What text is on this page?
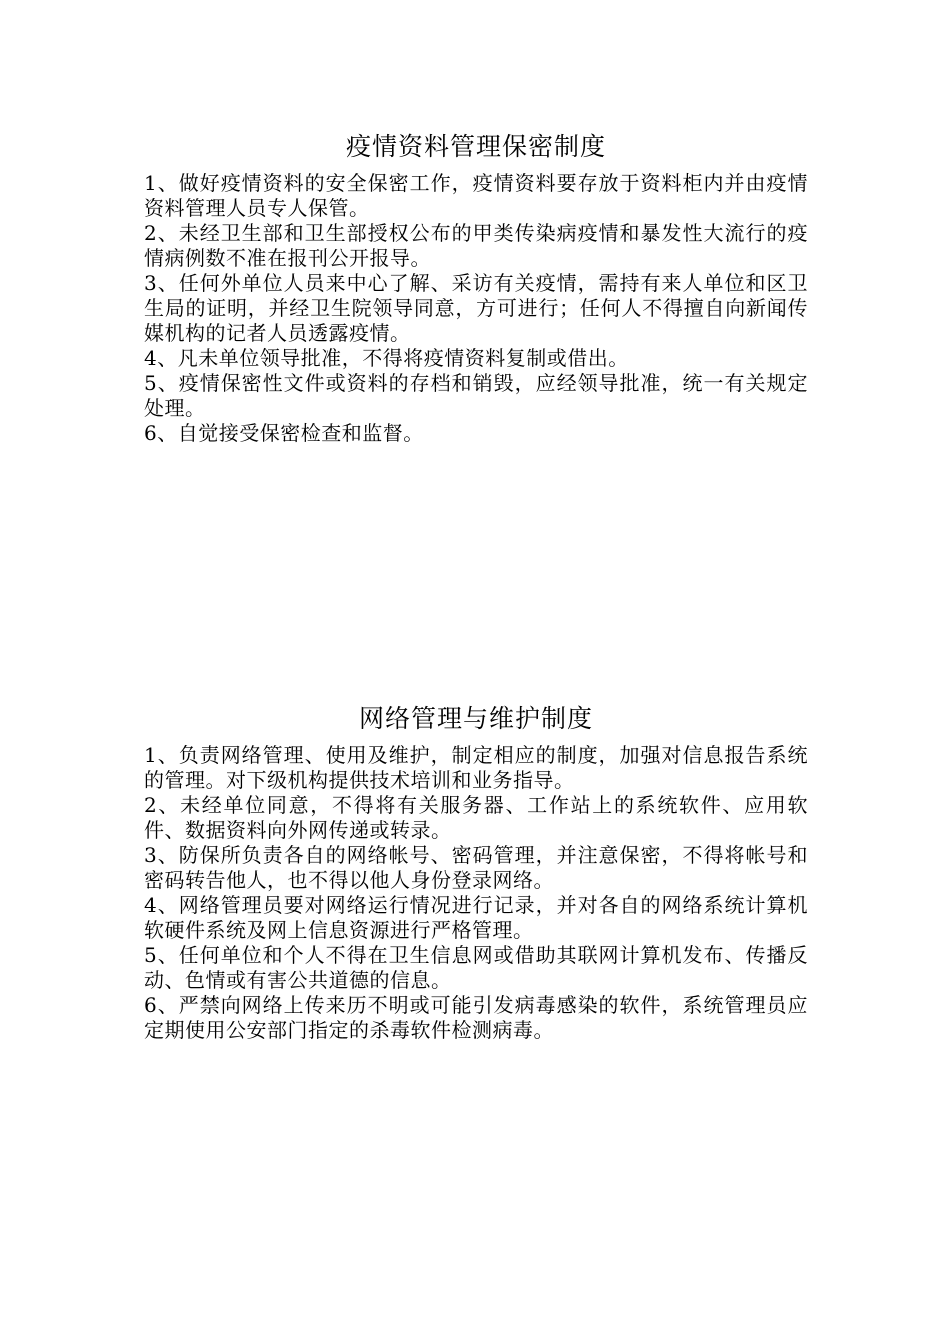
疫情资料管理保密制度

1、做好疫情资料的安全保密工作，疫情资料要存放于资料柜内并由疫情资料管理人员专人保管。

2、未经卫生部和卫生部授权公布的甲类传染病疫情和暴发性大流行的疫情病例数不准在报刊公开报导。

3、任何外单位人员来中心了解、采访有关疫情，需持有来人单位和区卫生局的证明，并经卫生院领导同意，方可进行；任何人不得擅自向新闻传媒机构的记者人员透露疫情。

4、凡未单位领导批准，不得将疫情资料复制或借出。

5、疫情保密性文件或资料的存档和销毁，应经领导批准，统一有关规定处理。

6、自觉接受保密检查和监督。

网络管理与维护制度

1、负责网络管理、使用及维护，制定相应的制度，加强对信息报告系统的管理。对下级机构提供技术培训和业务指导。

2、未经单位同意，不得将有关服务器、工作站上的系统软件、应用软件、数据资料向外网传递或转录。

3、防保所负责各自的网络帐号、密码管理，并注意保密，不得将帐号和密码转告他人，也不得以他人身份登录网络。

4、网络管理员要对网络运行情况进行记录，并对各自的网络系统计算机软硬件系统及网上信息资源进行严格管理。

5、任何单位和个人不得在卫生信息网或借助其联网计算机发布、传播反动、色情或有害公共道德的信息。

6、严禁向网络上传来历不明或可能引发病毒感染的软件，系统管理员应定期使用公安部门指定的杀毒软件检测病毒。
